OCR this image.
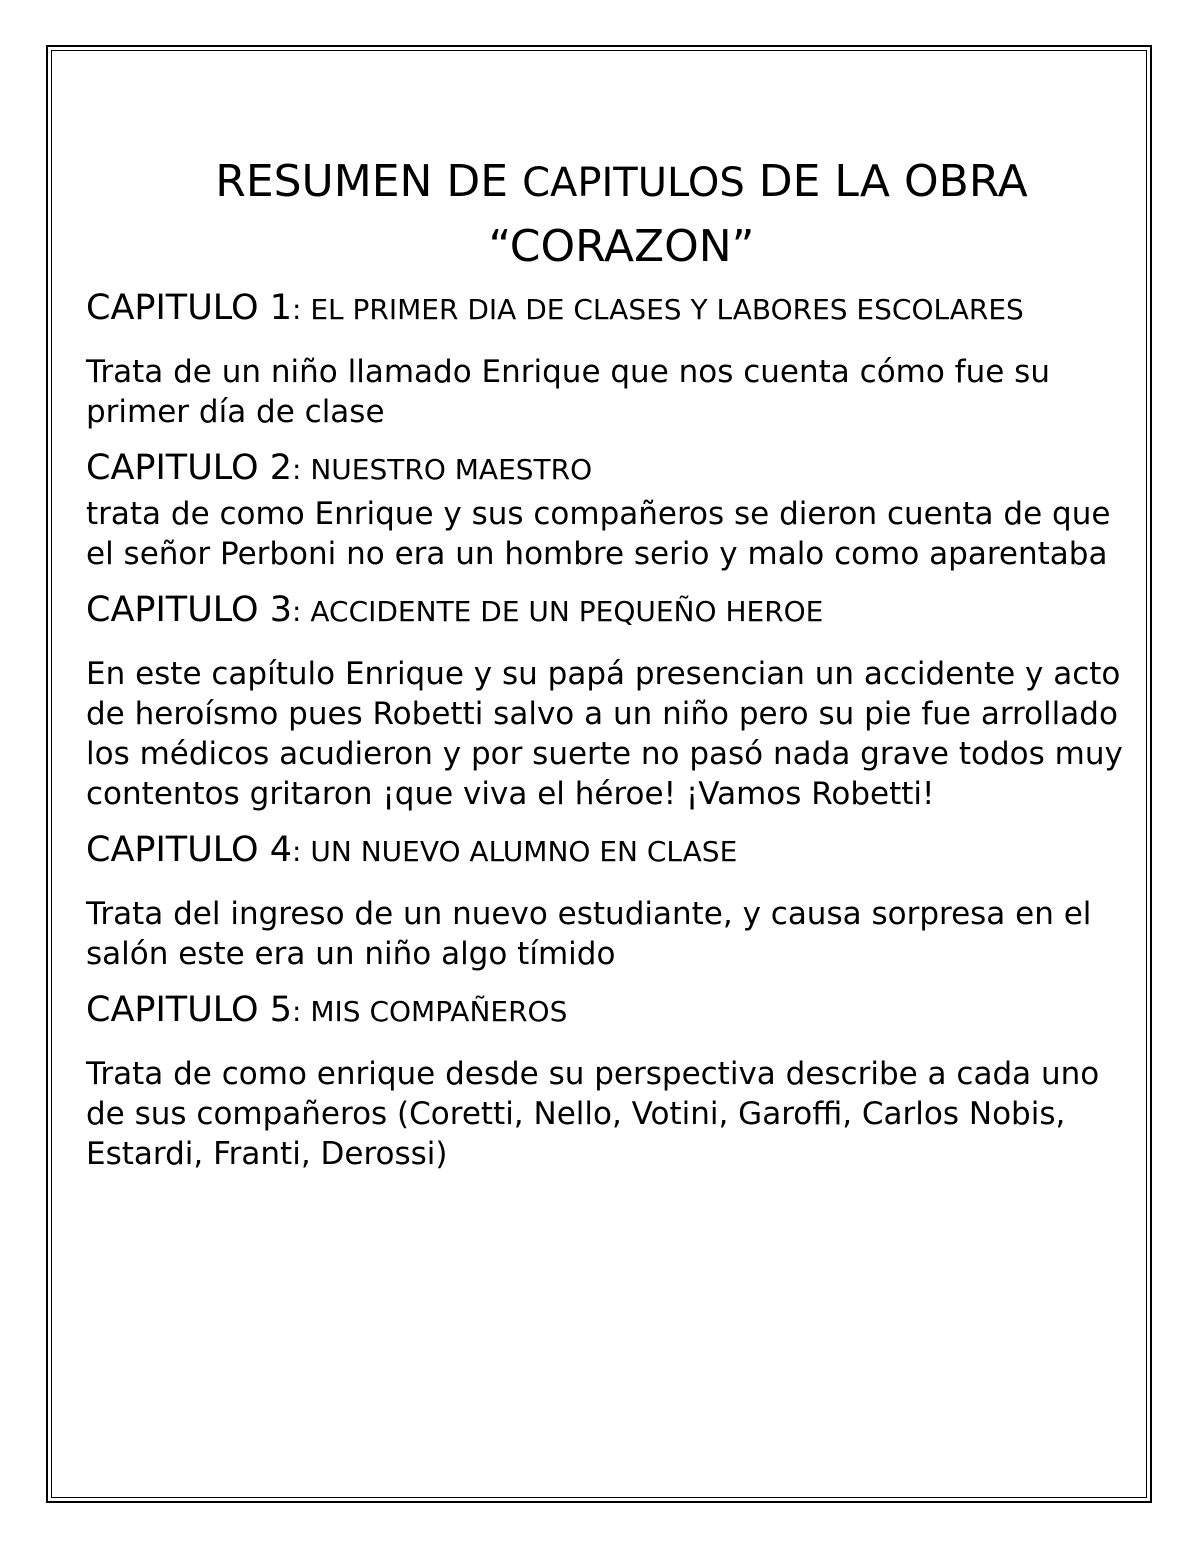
RESUMEN DE CAPITULOS DE LA OBRA
“CORAZON”

CAPITULO 1: EL PRIMER DIA DE CLASES Y LABORES ESCOLARES

Trata de un niño llamado Enrique que nos cuenta cómo fue su primer día de clase

CAPITULO 2: NUESTRO MAESTRO

trata de como Enrique y sus compañeros se dieron cuenta de que el señor Perboni no era un hombre serio y malo como aparentaba

CAPITULO 3: ACCIDENTE DE UN PEQUEÑO HEROE

En este capítulo Enrique y su papá presencian un accidente y acto de heroísmo pues Robetti salvo a un niño pero su pie fue arrollado los médicos acudieron y por suerte no pasó nada grave todos muy contentos gritaron ¡que viva el héroe! ¡Vamos Robetti!

CAPITULO 4: UN NUEVO ALUMNO EN CLASE

Trata del ingreso de un nuevo estudiante, y causa sorpresa en el salón este era un niño algo tímido

CAPITULO 5: MIS COMPAÑEROS

Trata de como enrique desde su perspectiva describe a cada uno de sus compañeros (Coretti, Nello, Votini, Garoffi, Carlos Nobis, Estardi, Franti, Derossi)
